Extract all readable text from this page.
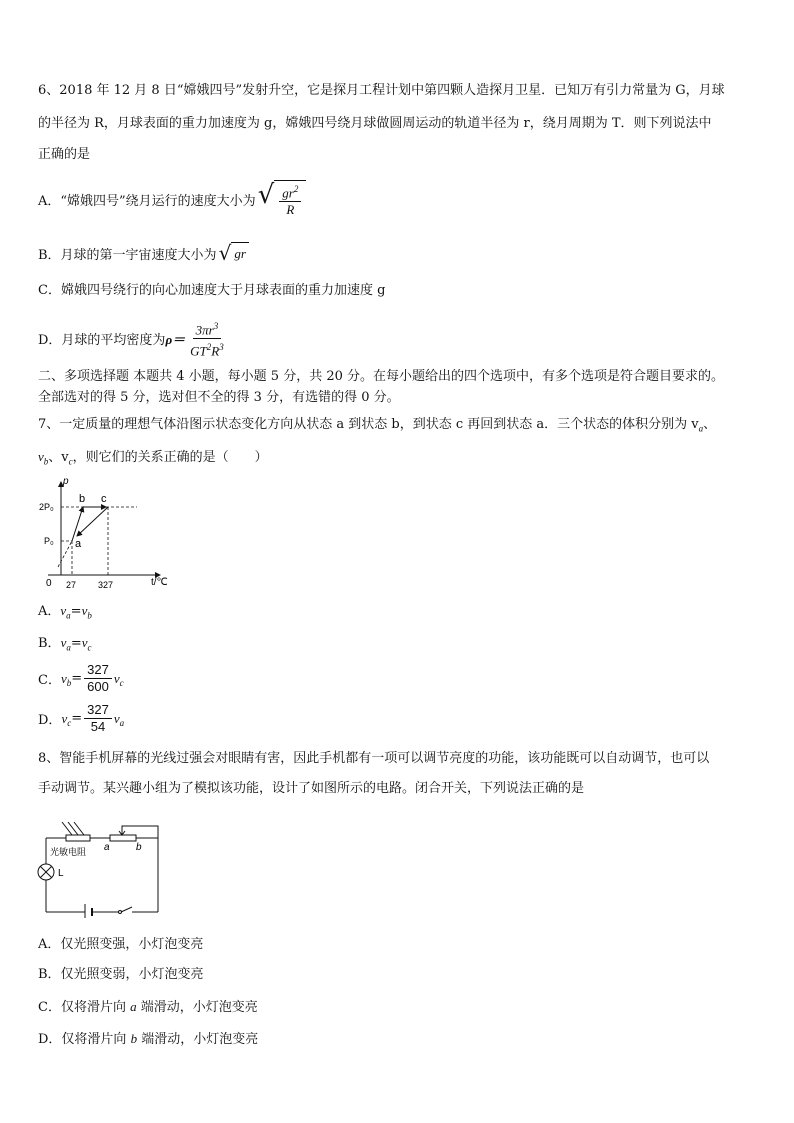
6、2018 年 12 月 8 日“嫦娥四号”发射升空，它是探月工程计划中第四颗人造探月卫星．已知万有引力常量为 G，月球
的半径为 R，月球表面的重力加速度为 g，嫦娥四号绕月球做圆周运动的轨道半径为 r，绕月周期为 T．则下列说法中
正确的是
A．“嫦娥四号”绕月运行的速度大小为 √ $\frac{gr^2}{R}$
B．月球的第一宇宙速度大小为 √ gr
C．嫦娥四号绕行的向心加速度大于月球表面的重力加速度 g
D．月球的平均密度为 $\rho= \frac{3\pi r^3}{GT^2R^3}$
二、多项选择题 本题共 4 小题，每小题 5 分，共 20 分。在每小题给出的四个选项中，有多个选项是符合题目要求的。
全部选对的得 5 分，选对但不全的得 3 分，有选错的得 0 分。
7、一定质量的理想气体沿图示状态变化方向从状态 a 到状态 b，到状态 c 再回到状态 a．三个状态的体积分别为 $v_a$、
$v_b$、$v_c$，则它们的关系正确的是（　　）
p
t/℃
2P₀
P₀
0 27 327
a
b c
A．$v_a=v_b$
B．$v_a=v_c$
C． $v_b = \frac{327}{600} v_c$
D． $v_c = \frac{327}{54} v_a$
8、智能手机屏幕的光线过强会对眼睛有害，因此手机都有一项可以调节亮度的功能，该功能既可以自动调节，也可以
手动调节。某兴趣小组为了模拟该功能，设计了如图所示的电路。闭合开关，下列说法正确的是
光敏电阻 a	b
L
A．仅光照变强，小灯泡变亮
B．仅光照变弱，小灯泡变亮
C．仅将滑片向 a 端滑动，小灯泡变亮
D．仅将滑片向 b 端滑动，小灯泡变亮
